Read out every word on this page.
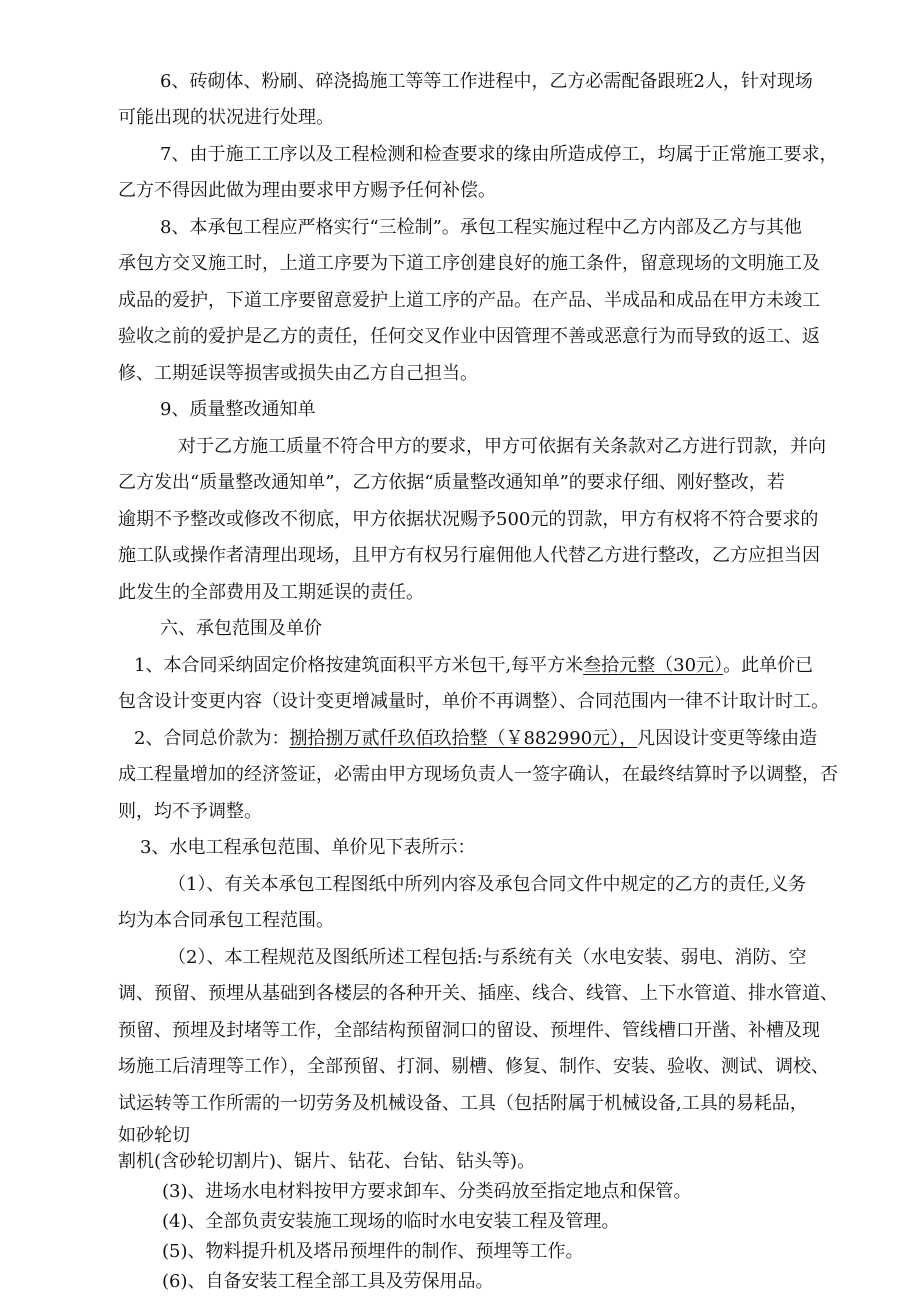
6、砖砌体、粉刷、碎浇捣施工等等工作进程中，乙方必需配备跟班2人，针对现场
可能出现的状况进行处理。
7、由于施工工序以及工程检测和检查要求的缘由所造成停工，均属于正常施工要求，
乙方不得因此做为理由要求甲方赐予任何补偿。
8、本承包工程应严格实行“三检制”。承包工程实施过程中乙方内部及乙方与其他
承包方交叉施工时，上道工序要为下道工序创建良好的施工条件，留意现场的文明施工及
成品的爱护，下道工序要留意爱护上道工序的产品。在产品、半成品和成品在甲方未竣工
验收之前的爱护是乙方的责任，任何交叉作业中因管理不善或恶意行为而导致的返工、返
修、工期延误等损害或损失由乙方自己担当。
9、质量整改通知单
对于乙方施工质量不符合甲方的要求，甲方可依据有关条款对乙方进行罚款，并向
乙方发出“质量整改通知单”，乙方依据“质量整改通知单”的要求仔细、刚好整改，若
逾期不予整改或修改不彻底，甲方依据状况赐予500元的罚款，甲方有权将不符合要求的
施工队或操作者清理出现场，且甲方有权另行雇佣他人代替乙方进行整改，乙方应担当因
此发生的全部费用及工期延误的责任。
六、承包范围及单价
1、本合同采纳固定价格按建筑面积平方米包干,每平方米叁拾元整（30元）。此单价已
包含设计变更内容（设计变更增减量时，单价不再调整）、合同范围内一律不计取计时工。
2、合同总价款为：捌拾捌万贰仟玖佰玖拾整（￥882990元），凡因设计变更等缘由造
成工程量增加的经济签证，必需由甲方现场负责人一签字确认，在最终结算时予以调整，否
则，均不予调整。
3、水电工程承包范围、单价见下表所示：
（1）、有关本承包工程图纸中所列内容及承包合同文件中规定的乙方的责任,义务
均为本合同承包工程范围。
（2）、本工程规范及图纸所述工程包括:与系统有关（水电安装、弱电、消防、空
调、预留、预埋从基础到各楼层的各种开关、插座、线合、线管、上下水管道、排水管道、
预留、预埋及封堵等工作，全部结构预留洞口的留设、预埋件、管线槽口开凿、补槽及现
场施工后清理等工作），全部预留、打洞、剔槽、修复、制作、安装、验收、测试、调校、
试运转等工作所需的一切劳务及机械设备、工具（包括附属于机械设备,工具的易耗品，
如砂轮切
割机(含砂轮切割片)、锯片、钻花、台钻、钻头等)。
(3)、进场水电材料按甲方要求卸车、分类码放至指定地点和保管。
(4)、全部负责安装施工现场的临时水电安装工程及管理。
(5)、物料提升机及塔吊预埋件的制作、预埋等工作。
(6)、自备安装工程全部工具及劳保用品。
